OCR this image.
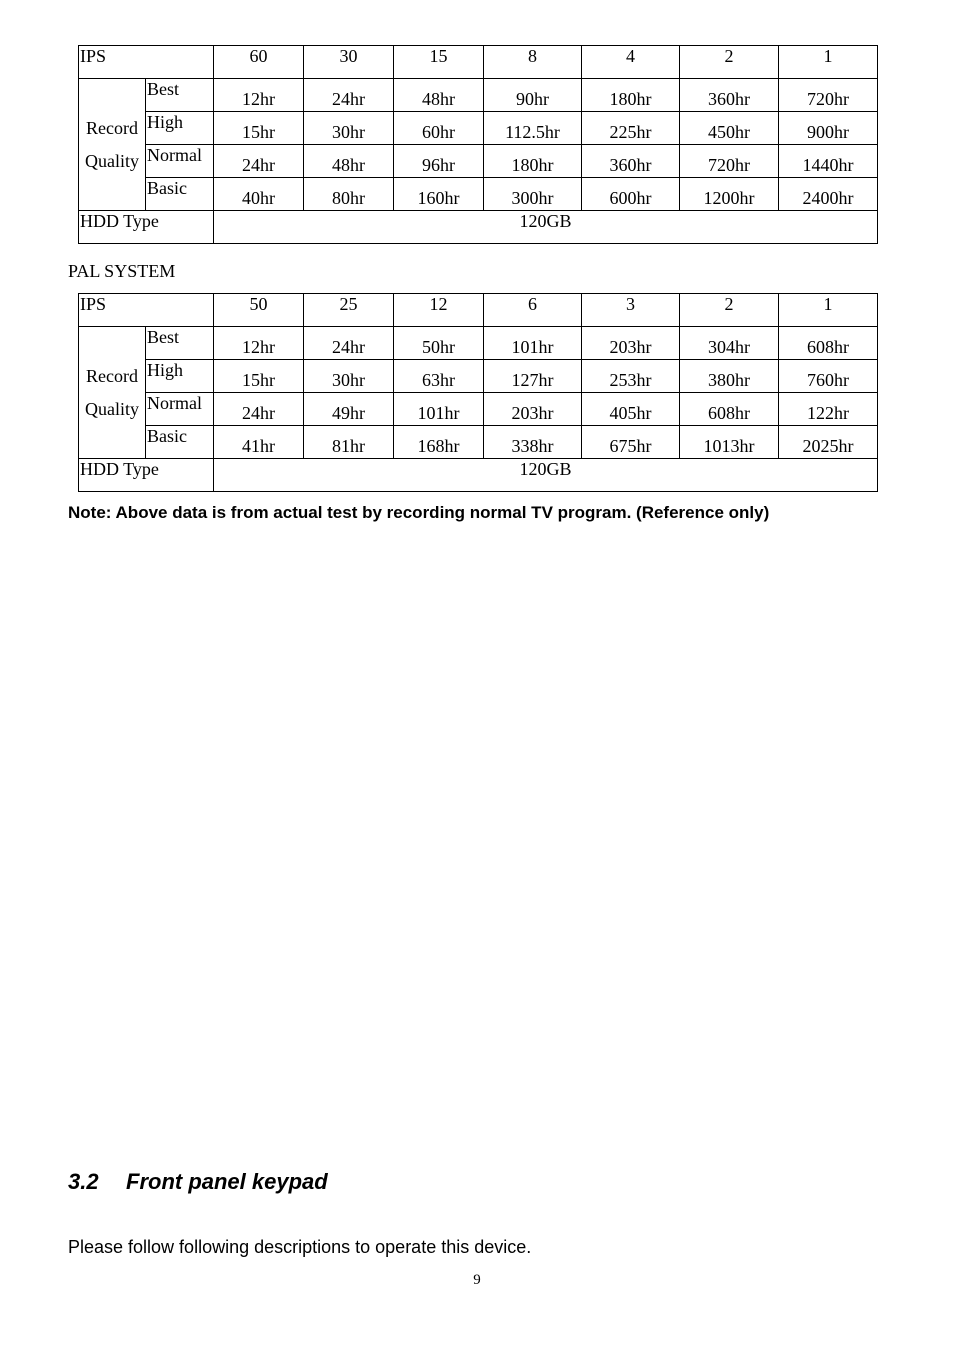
IPS		60	30	15	8	4	2	1

Record
Quality	Best	12hr	24hr	48hr	90hr	180hr	360hr	720hr
	High	15hr	30hr	60hr	112.5hr	225hr	450hr	900hr
	Normal	24hr	48hr	96hr	180hr	360hr	720hr	1440hr
	Basic	40hr	80hr	160hr	300hr	600hr	1200hr	2400hr
HDD Type		120GB						
PAL SYSTEM
IPS		50	25	12	6	3	2	1

Record
Quality	Best	12hr	24hr	50hr	101hr	203hr	304hr	608hr
	High	15hr	30hr	63hr	127hr	253hr	380hr	760hr
	Normal	24hr	49hr	101hr	203hr	405hr	608hr	122hr
	Basic	41hr	81hr	168hr	338hr	675hr	1013hr	2025hr
HDD Type		120GB						
Note: Above data is from actual test by recording normal TV program. (Reference only)
3.2 Front panel keypad
Please follow following descriptions to operate this device.
9
